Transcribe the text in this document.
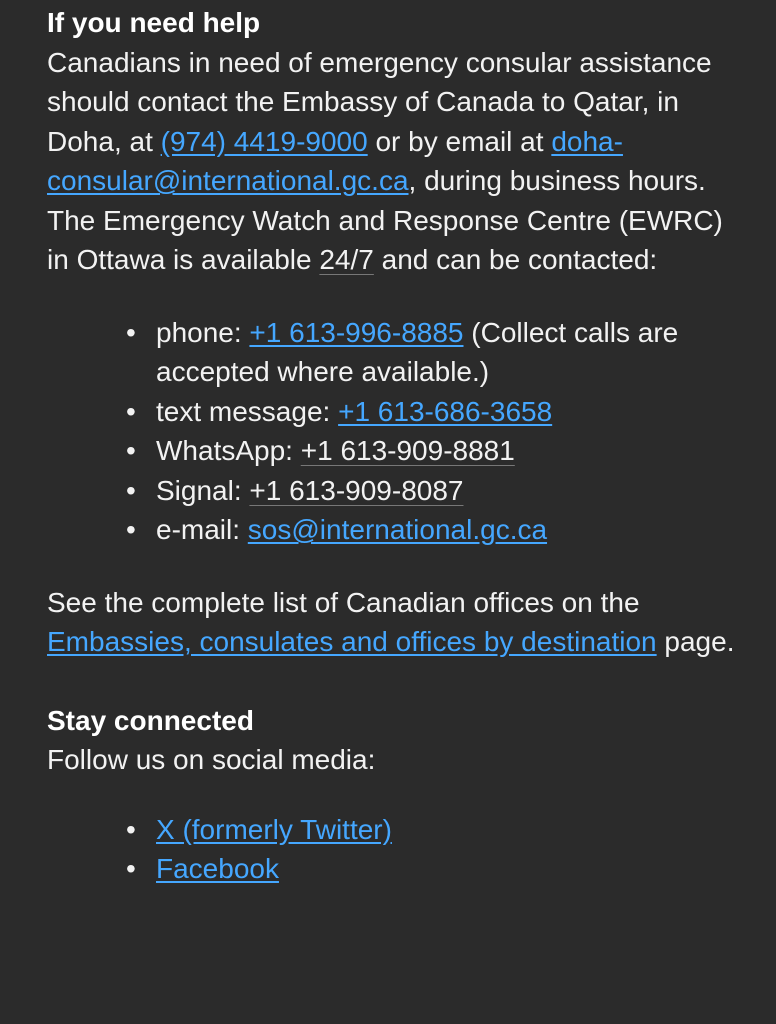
If you need help

Canadians in need of emergency consular assistance should contact the Embassy of Canada to Qatar, in Doha, at (974) 4419-9000 or by email at doha-
consular@international.gc.ca, during business hours. The Emergency Watch and Response Centre (EWRC) in Ottawa is available 24/7 and can be contacted:

• phone: +1 613-996-8885 (Collect calls are accepted where available.)
• text message: +1 613-686-3658
• WhatsApp: +1 613-909-8881
• Signal: +1 613-909-8087
• e-mail: sos@international.gc.ca

See the complete list of Canadian offices on the Embassies, consulates and offices by destination page.

Stay connected

Follow us on social media:

• X (formerly Twitter)
• Facebook
